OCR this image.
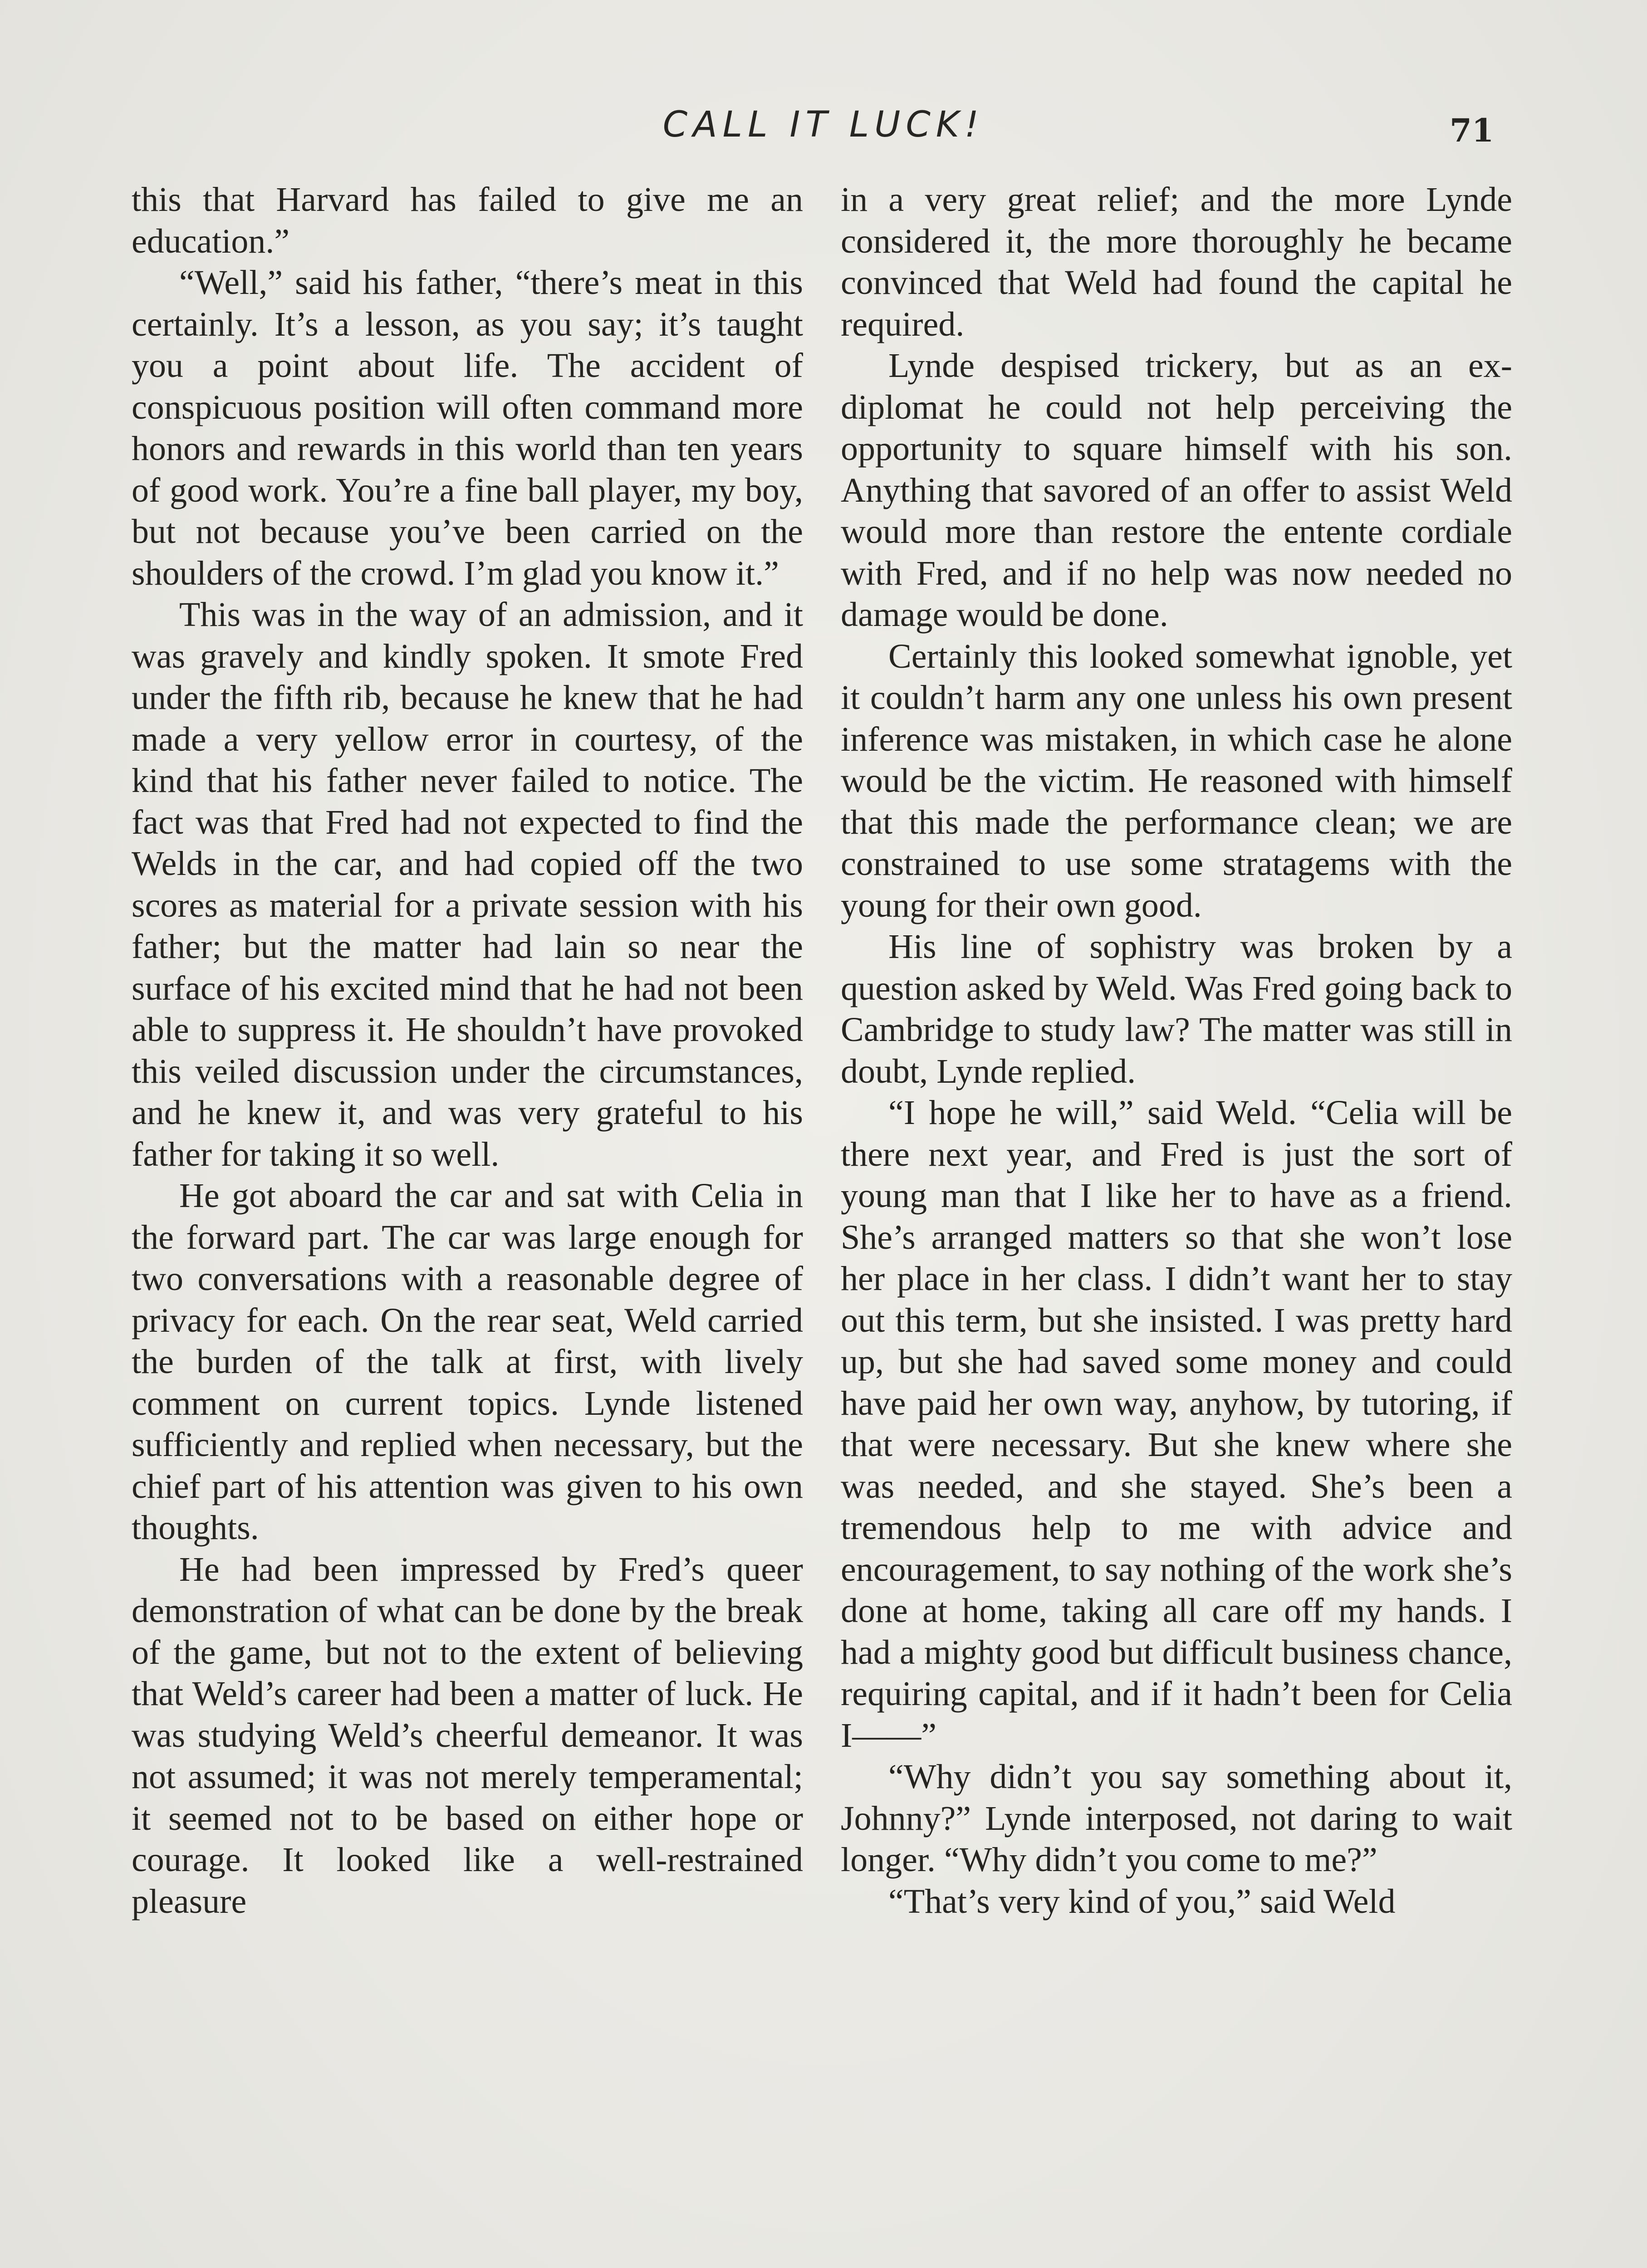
CALL IT LUCK!	71

this that Harvard has failed to give me an education.”

“Well,” said his father, “there’s meat in this certainly. It’s a lesson, as you say; it’s taught you a point about life. The accident of conspicuous position will often command more honors and rewards in this world than ten years of good work. You’re a fine ball player, my boy, but not because you’ve been carried on the shoulders of the crowd. I’m glad you know it.”

This was in the way of an admission, and it was gravely and kindly spoken. It smote Fred under the fifth rib, because he knew that he had made a very yellow error in courtesy, of the kind that his father never failed to notice. The fact was that Fred had not expected to find the Welds in the car, and had copied off the two scores as material for a private session with his father; but the matter had lain so near the surface of his excited mind that he had not been able to suppress it. He shouldn’t have provoked this veiled discussion under the circumstances, and he knew it, and was very grateful to his father for taking it so well.

He got aboard the car and sat with Celia in the forward part. The car was large enough for two conversations with a reasonable degree of privacy for each. On the rear seat, Weld carried the burden of the talk at first, with lively comment on current topics. Lynde listened sufficiently and replied when necessary, but the chief part of his attention was given to his own thoughts.

He had been impressed by Fred’s queer demonstration of what can be done by the break of the game, but not to the extent of believing that Weld’s career had been a matter of luck. He was studying Weld’s cheerful demeanor. It was not assumed; it was not merely temperamental; it seemed not to be based on either hope or courage. It looked like a well-restrained pleasure

in a very great relief; and the more Lynde considered it, the more thoroughly he became convinced that Weld had found the capital he required.

Lynde despised trickery, but as an ex-diplomat he could not help perceiving the opportunity to square himself with his son. Anything that savored of an offer to assist Weld would more than restore the entente cordiale with Fred, and if no help was now needed no damage would be done.

Certainly this looked somewhat ignoble, yet it couldn’t harm any one unless his own present inference was mistaken, in which case he alone would be the victim. He reasoned with himself that this made the performance clean; we are constrained to use some stratagems with the young for their own good.

His line of sophistry was broken by a question asked by Weld. Was Fred going back to Cambridge to study law? The matter was still in doubt, Lynde replied.

“I hope he will,” said Weld. “Celia will be there next year, and Fred is just the sort of young man that I like her to have as a friend. She’s arranged matters so that she won’t lose her place in her class. I didn’t want her to stay out this term, but she insisted. I was pretty hard up, but she had saved some money and could have paid her own way, anyhow, by tutoring, if that were necessary. But she knew where she was needed, and she stayed. She’s been a tremendous help to me with advice and encouragement, to say nothing of the work she’s done at home, taking all care off my hands. I had a mighty good but difficult business chance, requiring capital, and if it hadn’t been for Celia I——”

“Why didn’t you say something about it, Johnny?” Lynde interposed, not daring to wait longer. “Why didn’t you come to me?”

“That’s very kind of you,” said Weld
